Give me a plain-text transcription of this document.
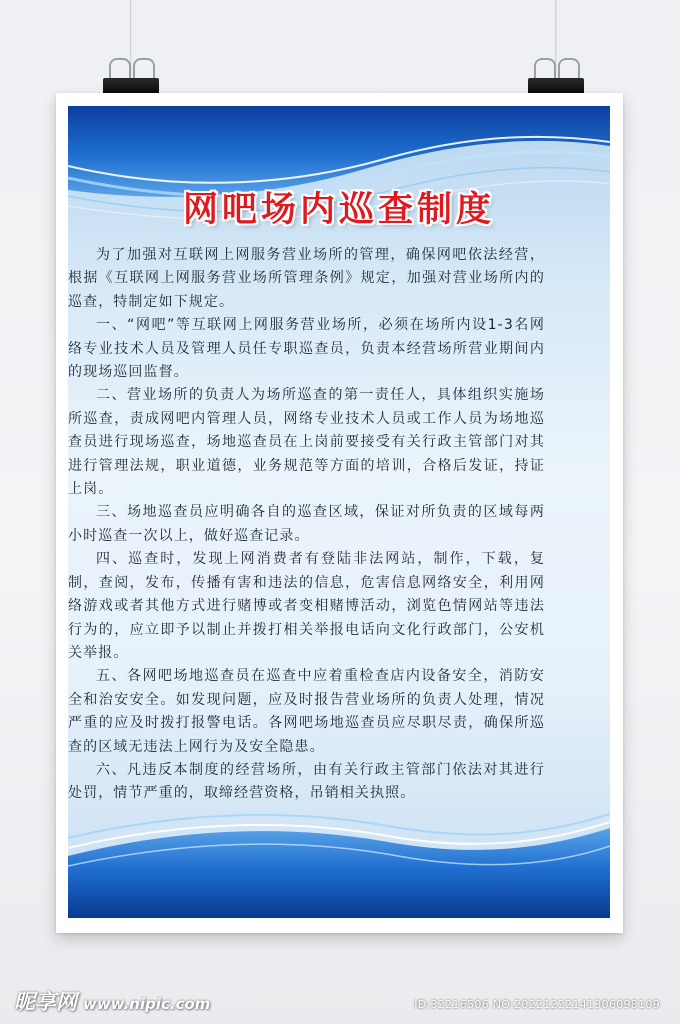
网吧场内巡查制度

为了加强对互联网上网服务营业场所的管理，确保网吧依法经营，根据《互联网上网服务营业场所管理条例》规定，加强对营业场所内的巡查，特制定如下规定。

一、“网吧”等互联网上网服务营业场所，必须在场所内设1-3名网络专业技术人员及管理人员任专职巡查员，负责本经营场所营业期间内的现场巡回监督。

二、营业场所的负责人为场所巡查的第一责任人，具体组织实施场所巡查，责成网吧内管理人员，网络专业技术人员或工作人员为场地巡查员进行现场巡查，场地巡查员在上岗前要接受有关行政主管部门对其进行管理法规，职业道德，业务规范等方面的培训，合格后发证，持证上岗。

三、场地巡查员应明确各自的巡查区域，保证对所负责的区域每两小时巡查一次以上，做好巡查记录。

四、巡查时，发现上网消费者有登陆非法网站，制作，下载，复制，查阅，发布，传播有害和违法的信息，危害信息网络安全，利用网络游戏或者其他方式进行赌博或者变相赌博活动，浏览色情网站等违法行为的，应立即予以制止并拨打相关举报电话向文化行政部门，公安机关举报。

五、各网吧场地巡查员在巡查中应着重检查店内设备安全，消防安全和治安安全。如发现问题，应及时报告营业场所的负责人处理，情况严重的应及时拨打报警电话。各网吧场地巡查员应尽职尽责，确保所巡查的区域无违法上网行为及安全隐患。

六、凡违反本制度的经营场所，由有关行政主管部门依法对其进行处罚，情节严重的，取缔经营资格，吊销相关执照。

昵享网 www.nipic.com	ID:32216506 NO:20221222141306098109
